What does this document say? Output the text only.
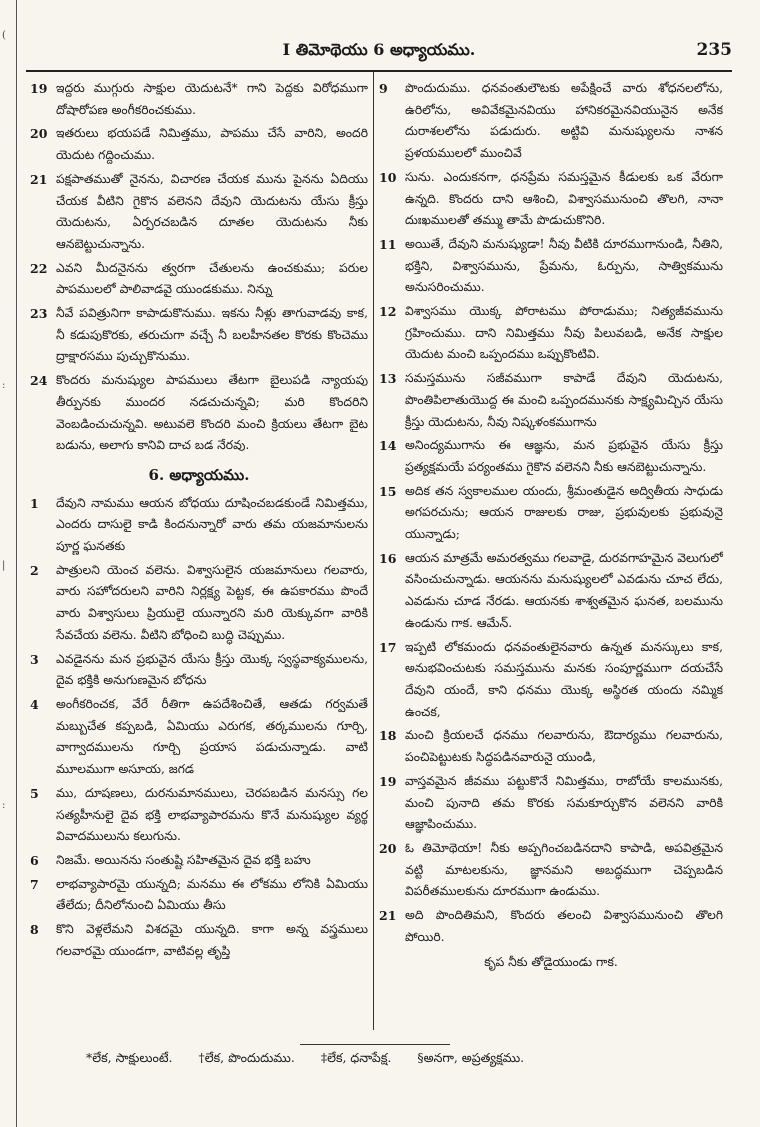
(
:
|
:
I తిమోథెయు 6 అధ్యాయము.	235
19 ఇద్దరు ముగ్గురు సాక్షుల యెదుటనే* గాని పెద్దకు విరోధముగా దోషారోపణ అంగీకరించకుము.
20 ఇతరులు భయపడే నిమిత్తము, పాపము చేసే వారిని, అందరి యెదుట గద్దించుము.
21 పక్షపాతముతో నైనను, విచారణ చేయక మును పైనను ఏదియు చేయక వీటిని గైకొన వలెనని దేవుని యెదుటను యేసు క్రీస్తు యెదుటను, ఏర్పరచబడిన దూతల యెదుటను నీకు ఆనబెట్టుచున్నాను.
22 ఎవని మీదనైనను త్వరగా చేతులను ఉంచకుము; పరుల పాపములలో పాలివాడవై యుండకుము. నిన్ను
23 నీవే పవిత్రునిగా కాపాడుకొనుము. ఇకను నీళ్లు తాగువాడవు కాక, నీ కడుపుకొరకు, తరుచుగా వచ్చే నీ బలహీనతల కొరకు కొంచెము ద్రాక్షారసము పుచ్చుకొనుము.
24 కొందరు మనుష్యుల పాపములు తేటగా బైలుపడి న్యాయపు తీర్పునకు ముందర నడచుచున్నవి; మరి కొందరిని వెంబడించుచున్నవి. అటువలె కొందరి మంచి క్రియలు తేటగా బైట బడును, అలాగు కానివి దాచ బడ నేరవు.
6. అధ్యాయము.
1 దేవుని నామము ఆయన బోధయు దూషించబడకుండే నిమిత్తము, ఎందరు దాసులై కాడి కిందనున్నారో వారు తమ యజమానులను పూర్ణ ఘనతకు
2 పాత్రులని యెంచ వలెను. విశ్వాసులైన యజమానులు గలవారు, వారు సహోదరులని వారిని నిర్లక్ష్య పెట్టక, ఈ ఉపకారము పొందే వారు విశ్వాసులు ప్రియులై యున్నారని మరి యెక్కువగా వారికి సేవచేయ వలెను. వీటిని బోధించి బుద్ధి చెప్పుము.
3 ఎవడైనను మన ప్రభువైన యేసు క్రీస్తు యొక్క స్వస్థవాక్యములను, దైవ భక్తికి అనుగుణమైన బోధను
4 అంగీకరించక, వేరే రీతిగా ఉపదేశించితే, ఆతడు గర్వమతే మబ్బుచేత కప్పబడి, ఏమియు ఎరుగక, తర్కములను గూర్చి, వాగ్వాదములను గూర్చి ప్రయాస పడుచున్నాడు. వాటి మూలముగా అసూయ, జగడ
5 ము, దూషణలు, దురనుమానములు, చెరపబడిన మనస్సు గల సత్యహీనులై దైవ భక్తి లాభవ్యాపారమను కొనే మనుష్యుల వ్యర్థ వివాదములును కలుగును.
6 నిజమే. అయినను సంతుష్టి సహితమైన దైవ భక్తి బహు
7 లాభవ్యాపారమై యున్నది; మనము ఈ లోకము లోనికి ఏమియు తేలేదు; దీనిలోనుంచి ఏమియు తీసు
8 కొని వెళ్లలేమని విశదమై యున్నది. కాగా అన్న వస్త్రములు గలవారమై యుండగా, వాటివల్ల తృప్తి
9 పొందుదుము. ధనవంతులౌటకు అపేక్షించే వారు శోధనలలోను, ఉరిలోను, అవివేకమైనవియు హానికరమైనవియునైన అనేక దురాశలలోను పడుదురు. అట్టివి మనుష్యులను నాశన ప్రళయములలో ముంచివే
10 సును. ఎందుకనగా, ధనప్రేమ సమస్తమైన కీడులకు ఒక వేరుగా ఉన్నది. కొందరు దాని ఆశించి, విశ్వాసమునుంచి తొలగి, నానా దుఃఖములతో తమ్ము తామే పొడుచుకొనిరి.
11 అయితే, దేవుని మనుష్యుడా! నీవు వీటికి దూరముగానుండి, నీతిని, భక్తిని, విశ్వాసమును, ప్రేమను, ఓర్పును, సాత్వికమును అనుసరించుము.
12 విశ్వాసము యొక్క పోరాటము పోరాడుము; నిత్యజీవమును గ్రహించుము. దాని నిమిత్తము నీవు పిలువబడి, అనేక సాక్షుల యెదుట మంచి ఒప్పందము ఒప్పుకొంటివి.
13 సమస్తమును సజీవముగా కాపాడే దేవుని యెదుటను, పొంతిపిలాతుయొద్ద ఈ మంచి ఒప్పందమునకు సాక్ష్యమిచ్చిన యేసు క్రీస్తు యెదుటను, నీవు నిష్కళంకముగాను
14 అనింద్యముగాను ఈ ఆజ్ఞను, మన ప్రభువైన యేసు క్రీస్తు ప్రత్యక్షమయే పర్యంతము గైకొన వలెనని నీకు ఆనబెట్టుచున్నాను.
15 అదిక తన స్వకాలముల యందు, శ్రీమంతుడైన అద్వితీయ సాధుడు అగపరచును; ఆయన రాజులకు రాజు, ప్రభువులకు ప్రభువునై యున్నాడు;
16 ఆయన మాత్రమే అమరత్వము గలవాడై, దురవగాహమైన వెలుగులో వసించుచున్నాడు. ఆయనను మనుష్యులలో ఎవడును చూచ లేదు, ఎవడును చూడ నేరడు. ఆయనకు శాశ్వతమైన ఘనత, బలమును ఉండును గాక. ఆమేన్.
17 ఇప్పటి లోకమందు ధనవంతులైనవారు ఉన్నత మనస్కులు కాక, అనుభవించుటకు సమస్తమును మనకు సంపూర్ణముగా దయచేసే దేవుని యందే, కాని ధనము యొక్క అస్థిరత యందు నమ్మిక ఉంచక,
18 మంచి క్రియలచే ధనము గలవారును, ఔదార్యము గలవారును, పంచిపెట్టుటకు సిద్ధపడినవారునై యుండి,
19 వాస్తవమైన జీవము పట్టుకొనే నిమిత్తము, రాబోయే కాలమునకు, మంచి పునాది తమ కొరకు సమకూర్చుకొన వలెనని వారికి ఆజ్ఞాపించుము.
20 ఓ తిమోథెయా! నీకు అప్పగించబడినదాని కాపాడి, అపవిత్రమైన వట్టి మాటలకును, జ్ఞానమని అబద్ధముగా చెప్పబడిన విపరీతములకును దూరముగా ఉండుము.
21 అది పొందితిమని, కొందరు తలంచి విశ్వాసమునుంచి తొలగి పోయిరి.
కృప నీకు తోడైయుండు గాక.
*లేక, సాక్షులుంటే. †లేక, పొందుదుము. ‡లేక, ధనాపేక్ష. §అనగా, అప్రత్యక్షము.
